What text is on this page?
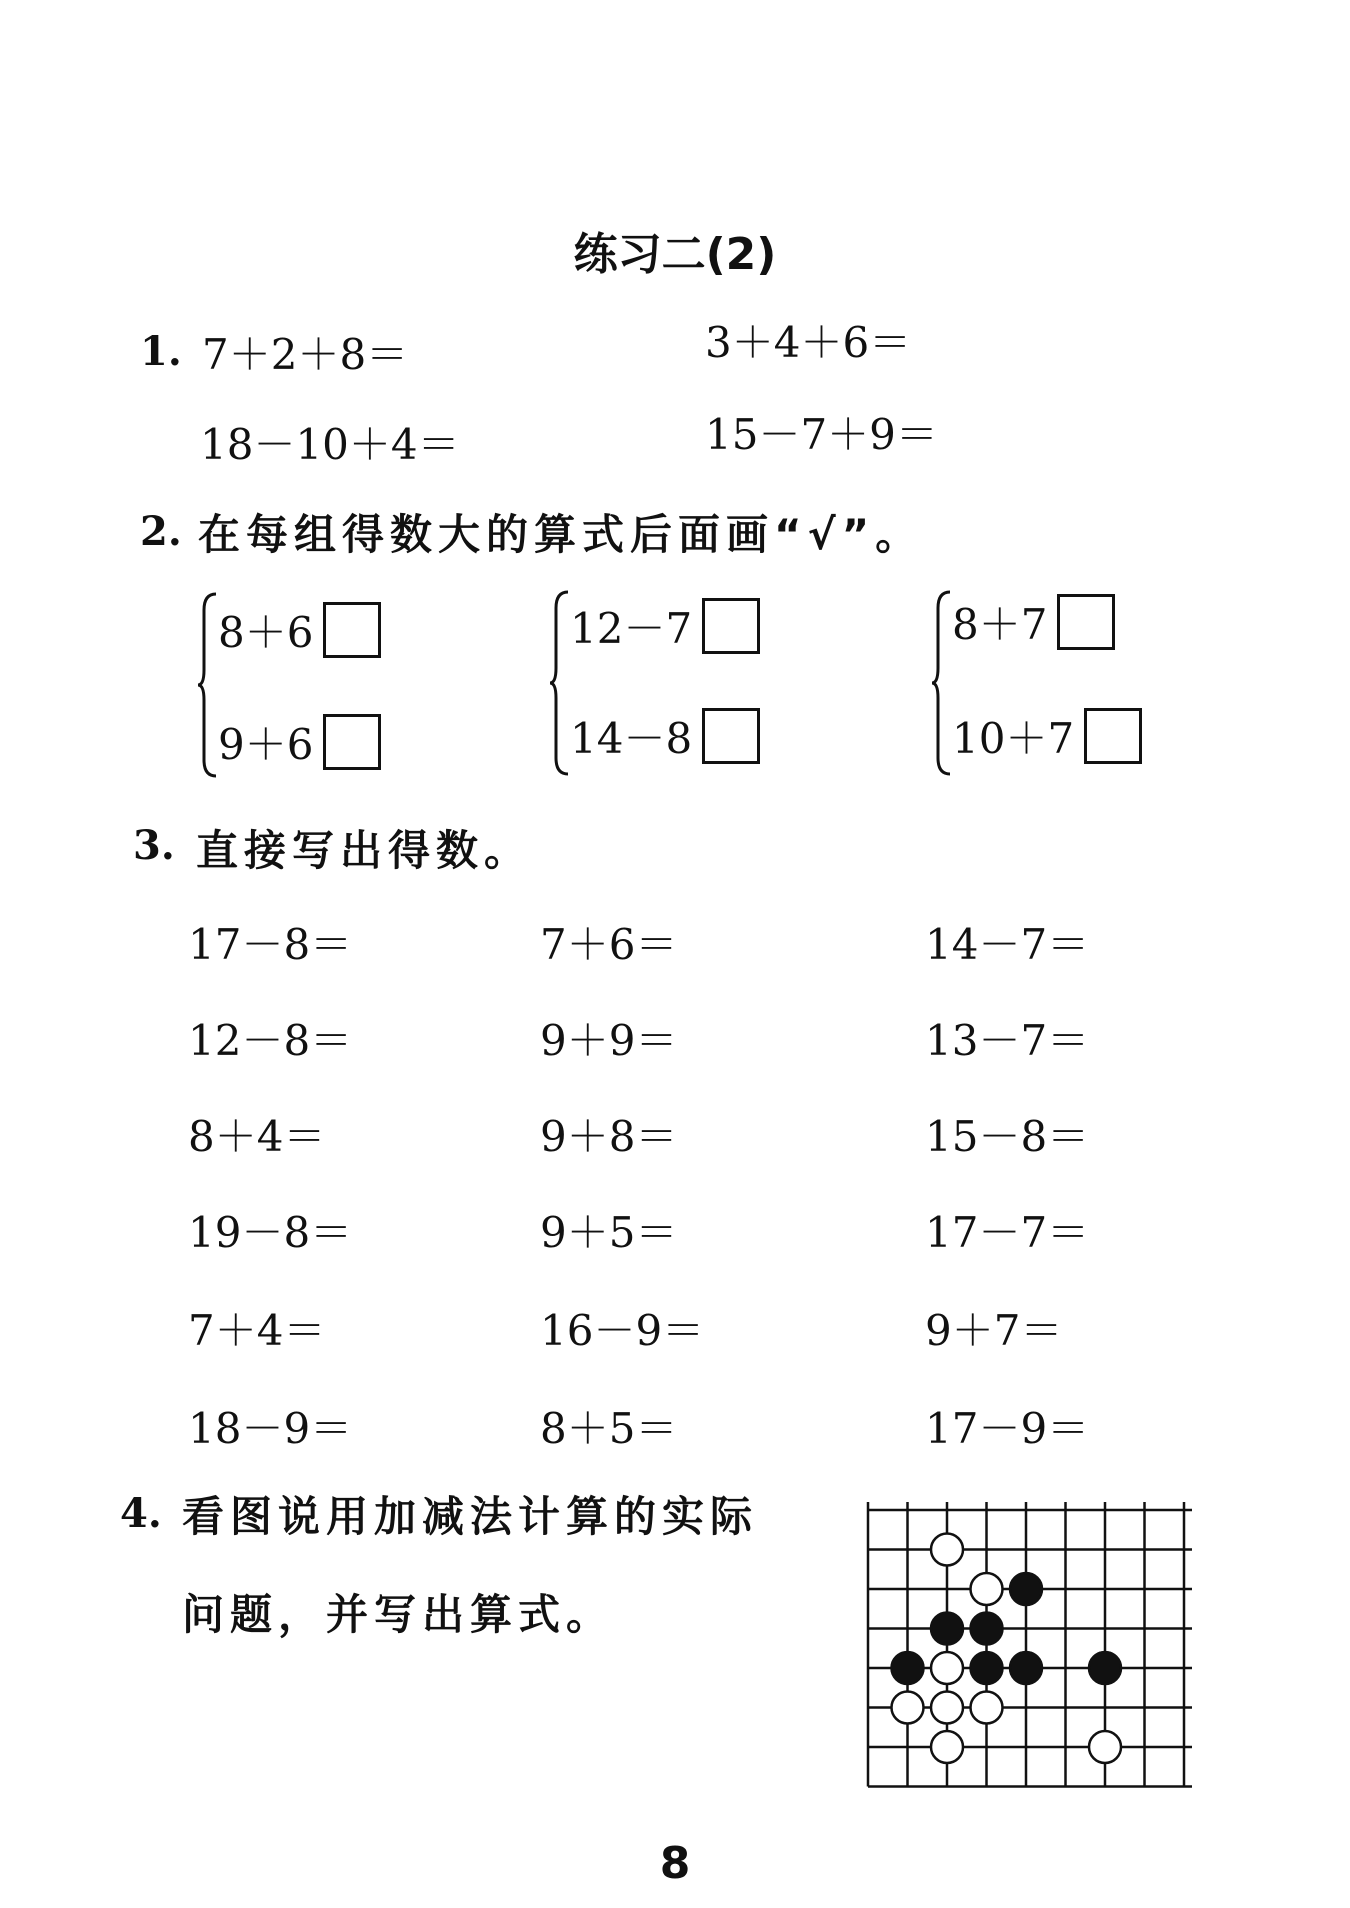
练习二(2)
1. 7＋2＋8＝	3＋4＋6＝
18－10＋4＝	15－7＋9＝
2. 在每组得数大的算式后面画“√”。
8＋6
9＋6
12－7
14－8
8＋7
10＋7
3. 直接写出得数。
17－8＝	7＋6＝	14－7＝
12－8＝	9＋9＝	13－7＝
8＋4＝	9＋8＝	15－8＝
19－8＝	9＋5＝	17－7＝
7＋4＝	16－9＝	9＋7＝
18－9＝	8＋5＝	17－9＝
4. 看图说用加减法计算的实际
问题，并写出算式。
8
